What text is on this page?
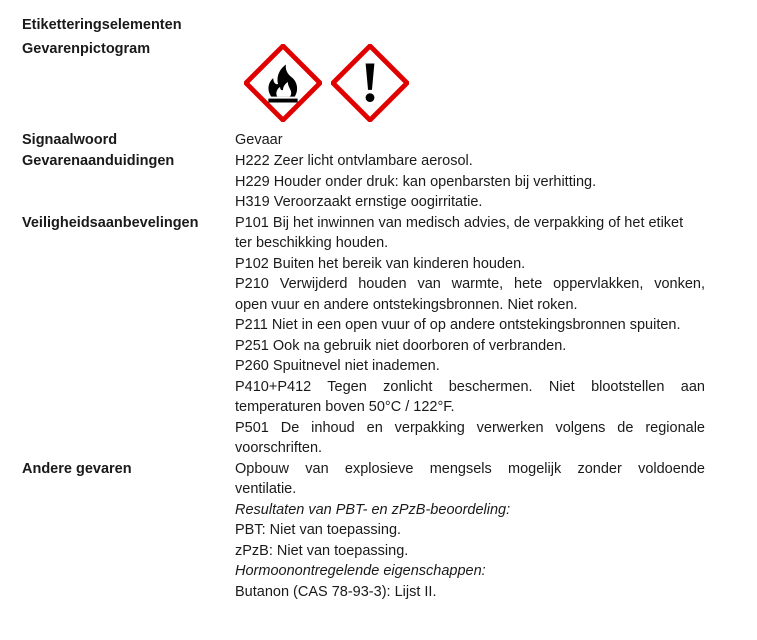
Etiketteringselementen
Gevarenpictogram
Signaalwoord	Gevaar
Gevarenaanduidingen	H222 Zeer licht ontvlambare aerosol.
H229 Houder onder druk: kan openbarsten bij verhitting.
H319 Veroorzaakt ernstige oogirritatie.
Veiligheidsaanbevelingen	P101 Bij het inwinnen van medisch advies, de verpakking of het etiket
ter beschikking houden.
P102 Buiten het bereik van kinderen houden.
P210 Verwijderd houden van warmte, hete oppervlakken, vonken,
open vuur en andere ontstekingsbronnen. Niet roken.
P211 Niet in een open vuur of op andere ontstekingsbronnen spuiten.
P251 Ook na gebruik niet doorboren of verbranden.
P260 Spuitnevel niet inademen.
P410+P412 Tegen zonlicht beschermen. Niet blootstellen aan
temperaturen boven 50°C / 122°F.
P501 De inhoud en verpakking verwerken volgens de regionale
voorschriften.
Andere gevaren	Opbouw van explosieve mengsels mogelijk zonder voldoende
ventilatie.
Resultaten van PBT- en zPzB-beoordeling:
PBT: Niet van toepassing.
zPzB: Niet van toepassing.
Hormoonontregelende eigenschappen:
Butanon (CAS 78-93-3): Lijst II.
